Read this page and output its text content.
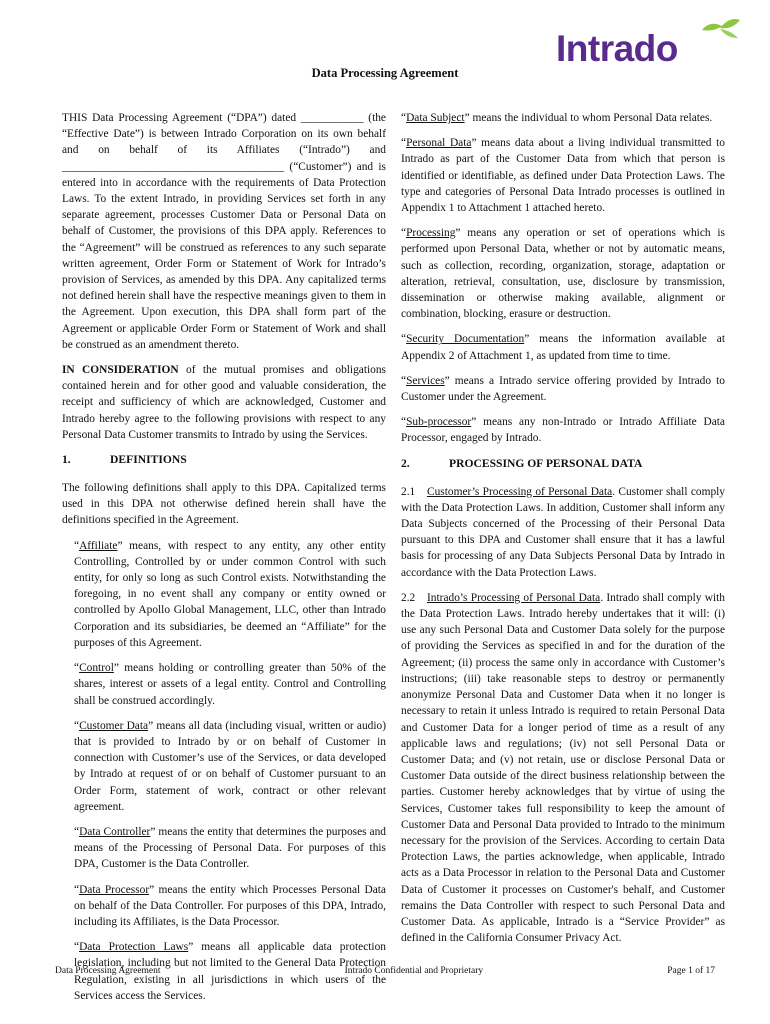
Intrado
Data Processing Agreement

THIS Data Processing Agreement (“DPA”) dated ___________ (the “Effective Date”) is between Intrado Corporation on its own behalf and on behalf of its Affiliates (“Intrado”) and _______________________________________ (“Customer”) and is entered into in accordance with the requirements of Data Protection Laws. To the extent Intrado, in providing Services set forth in any separate agreement, processes Customer Data or Personal Data on behalf of Customer, the provisions of this DPA apply. References to the “Agreement” will be construed as references to any such separate written agreement, Order Form or Statement of Work for Intrado’s provision of Services, as amended by this DPA. Any capitalized terms not defined herein shall have the respective meanings given to them in the Agreement. Upon execution, this DPA shall form part of the Agreement or applicable Order Form or Statement of Work and shall be construed as an amendment thereto.

IN CONSIDERATION of the mutual promises and obligations contained herein and for other good and valuable consideration, the receipt and sufficiency of which are acknowledged, Customer and Intrado hereby agree to the following provisions with respect to any Personal Data Customer transmits to Intrado by using the Services.

1.	DEFINITIONS

The following definitions shall apply to this DPA. Capitalized terms used in this DPA not otherwise defined herein shall have the definitions specified in the Agreement.

“Affiliate” means, with respect to any entity, any other entity Controlling, Controlled by or under common Control with such entity, for only so long as such Control exists. Notwithstanding the foregoing, in no event shall any company or entity owned or controlled by Apollo Global Management, LLC, other than Intrado Corporation and its subsidiaries, be deemed an “Affiliate” for the purposes of this Agreement.

“Control” means holding or controlling greater than 50% of the shares, interest or assets of a legal entity. Control and Controlling shall be construed accordingly.

“Customer Data” means all data (including visual, written or audio) that is provided to Intrado by or on behalf of Customer in connection with Customer’s use of the Services, or data developed by Intrado at request of or on behalf of Customer pursuant to an Order Form, statement of work, contract or other relevant agreement.

“Data Controller” means the entity that determines the purposes and means of the Processing of Personal Data. For purposes of this DPA, Customer is the Data Controller.

“Data Processor” means the entity which Processes Personal Data on behalf of the Data Controller. For purposes of this DPA, Intrado, including its Affiliates, is the Data Processor.

“Data Protection Laws” means all applicable data protection legislation, including but not limited to the General Data Protection Regulation, existing in all jurisdictions in which users of the Services access the Services.

“Data Subject” means the individual to whom Personal Data relates.

“Personal Data” means data about a living individual transmitted to Intrado as part of the Customer Data from which that person is identified or identifiable, as defined under Data Protection Laws. The type and categories of Personal Data Intrado processes is outlined in Appendix 1 to Attachment 1 attached hereto.

“Processing” means any operation or set of operations which is performed upon Personal Data, whether or not by automatic means, such as collection, recording, organization, storage, adaptation or alteration, retrieval, consultation, use, disclosure by transmission, dissemination or otherwise making available, alignment or combination, blocking, erasure or destruction.

“Security Documentation” means the information available at Appendix 2 of Attachment 1, as updated from time to time.

“Services” means a Intrado service offering provided by Intrado to Customer under the Agreement.

“Sub-processor” means any non-Intrado or Intrado Affiliate Data Processor, engaged by Intrado.

2.	PROCESSING OF PERSONAL DATA

2.1 Customer’s Processing of Personal Data. Customer shall comply with the Data Protection Laws. In addition, Customer shall inform any Data Subjects concerned of the Processing of their Personal Data pursuant to this DPA and Customer shall ensure that it has a lawful basis for processing of any Data Subjects Personal Data by Intrado in accordance with the Data Protection Laws.

2.2 Intrado’s Processing of Personal Data. Intrado shall comply with the Data Protection Laws. Intrado hereby undertakes that it will: (i) use any such Personal Data and Customer Data solely for the purpose of providing the Services as specified in and for the duration of the Agreement; (ii) process the same only in accordance with Customer’s instructions; (iii) take reasonable steps to destroy or permanently anonymize Personal Data and Customer Data when it no longer is necessary to retain it unless Intrado is required to retain Personal Data and Customer Data for a longer period of time as a result of any applicable laws and regulations; (iv) not sell Personal Data or Customer Data; and (v) not retain, use or disclose Personal Data or Customer Data outside of the direct business relationship between the parties. Customer hereby acknowledges that by virtue of using the Services, Customer takes full responsibility to keep the amount of Customer Data and Personal Data provided to Intrado to the minimum necessary for the provision of the Services. According to certain Data Protection Laws, the parties acknowledge, when applicable, Intrado acts as a Data Processor in relation to the Personal Data and Customer Data of Customer it processes on Customer's behalf, and Customer remains the Data Controller with respect to such Personal Data and Customer Data. As applicable, Intrado is a “Service Provider” as defined in the California Consumer Privacy Act.

Data Processing Agreement	Intrado Confidential and Proprietary	Page 1 of 17
